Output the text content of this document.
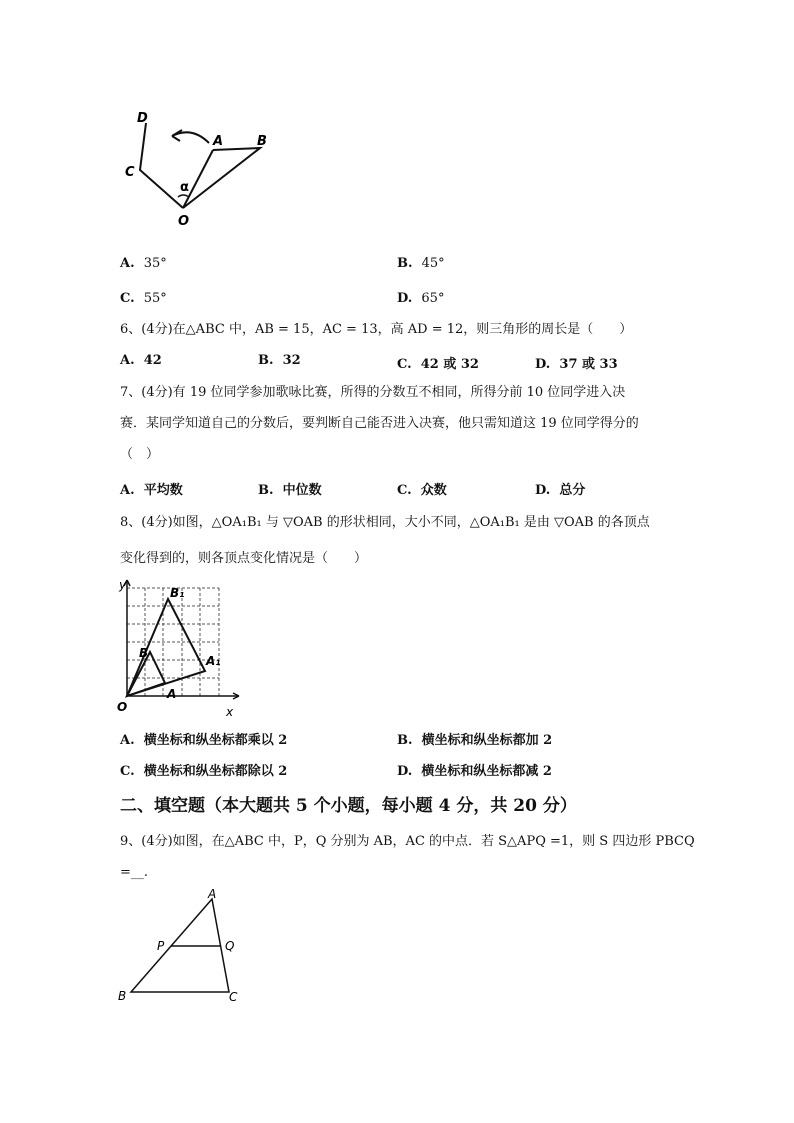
D
A	B
C
O
α
A. 35°	B. 45°
C. 55°	D. 65°
6、(4分)在△ABC 中，AB = 15，AC = 13，高 AD = 12，则三角形的周长是（　　）
A. 42	B. 32	C. 42 或 32	D. 37 或 33
7、(4分)有 19 位同学参加歌咏比赛，所得的分数互不相同，所得分前 10 位同学进入决
赛．某同学知道自己的分数后，要判断自己能否进入决赛，他只需知道这 19 位同学得分的
（　）
A. 平均数	B. 中位数	C. 众数	D. 总分
8、(4分)如图，△OA₁B₁ 与 ▽OAB 的形状相同，大小不同，△OA₁B₁ 是由 ▽OAB 的各顶点
变化得到的，则各顶点变化情况是（　　）
y
x
O
B₁
B
A₁
A
A. 横坐标和纵坐标都乘以 2	B. 横坐标和纵坐标都加 2
C. 横坐标和纵坐标都除以 2	D. 横坐标和纵坐标都减 2
二、填空题（本大题共 5 个小题，每小题 4 分，共 20 分）
9、(4分)如图，在△ABC 中，P，Q 分别为 AB，AC 的中点．若 S△APQ =1，则 S 四边形 PBCQ
=__.
A
P	Q
B	C
